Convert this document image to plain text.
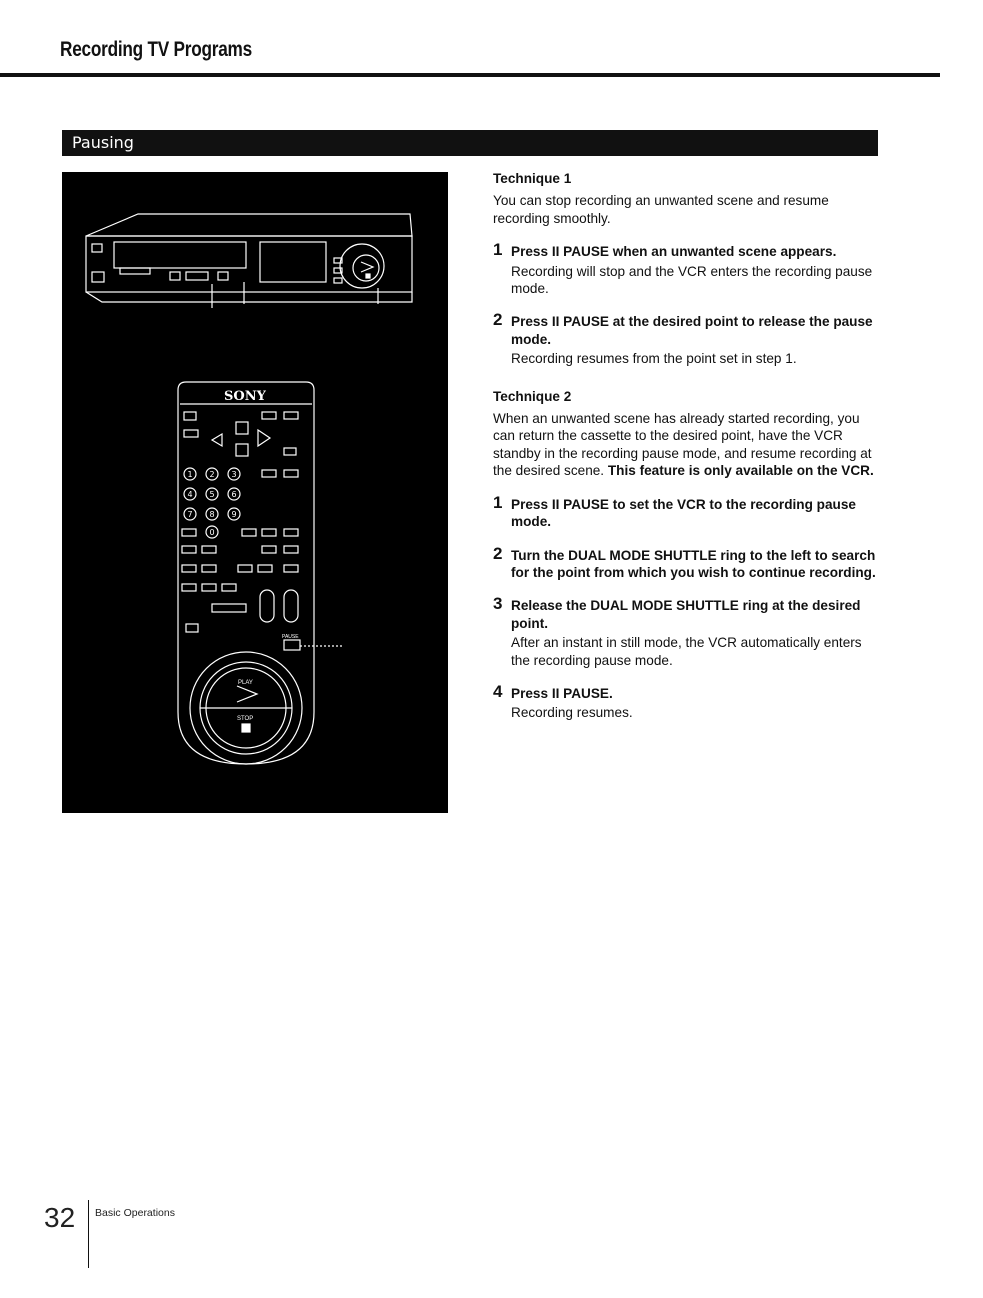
Recording TV Programs
Pausing
SONY
PLAY
STOP
PAUSE
1 2 3
4 5 6
7 8 9
0

Technique 1

You can stop recording an unwanted scene and resume recording smoothly.

1 Press II PAUSE when an unwanted scene appears.
Recording will stop and the VCR enters the recording pause mode.
2 Press II PAUSE at the desired point to release the pause mode.
Recording resumes from the point set in step 1.

Technique 2

When an unwanted scene has already started recording, you can return the cassette to the desired point, have the VCR standby in the recording pause mode, and resume recording at the desired scene. This feature is only available on the VCR.

1 Press II PAUSE to set the VCR to the recording pause mode.
2 Turn the DUAL MODE SHUTTLE ring to the left to search for the point from which you wish to continue recording.
3 Release the DUAL MODE SHUTTLE ring at the desired point.
After an instant in still mode, the VCR automatically enters the recording pause mode.
4 Press II PAUSE.
Recording resumes.
32 Basic Operations
